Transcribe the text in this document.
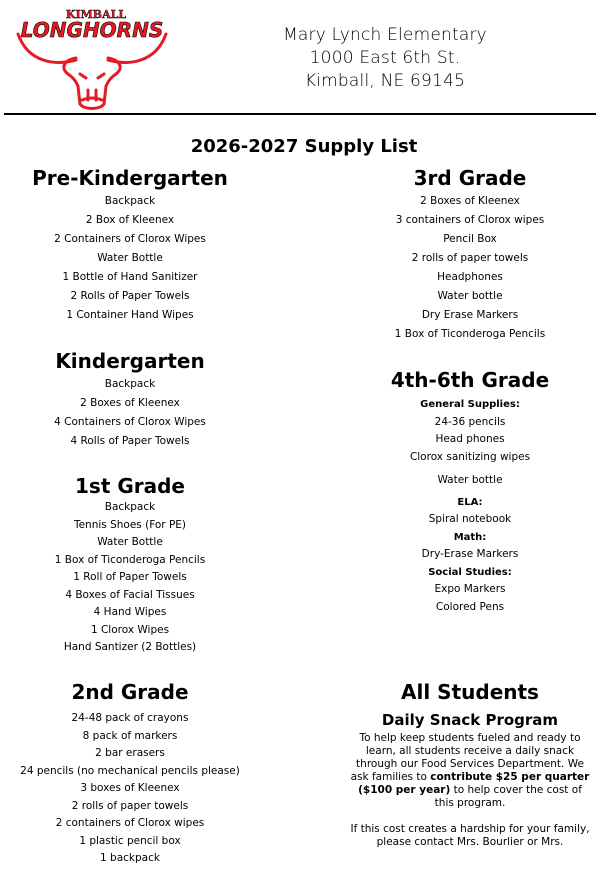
KIMBALL
LONGHORNS	Mary Lynch Elementary
1000 East 6th St.
Kimball, NE 69145
2026-2027 Supply List
Pre-Kindergarten
Backpack
2 Box of Kleenex
2 Containers of Clorox Wipes
Water Bottle
1 Bottle of Hand Sanitizer
2 Rolls of Paper Towels
1 Container Hand Wipes
Kindergarten
Backpack
2 Boxes of Kleenex
4 Containers of Clorox Wipes
4 Rolls of Paper Towels
1st Grade
Backpack
Tennis Shoes (For PE)
Water Bottle
1 Box of Ticonderoga Pencils
1 Roll of Paper Towels
4 Boxes of Facial Tissues
4 Hand Wipes
1 Clorox Wipes
Hand Santizer (2 Bottles)
2nd Grade
24-48 pack of crayons
8 pack of markers
2 bar erasers
24 pencils (no mechanical pencils please)
3 boxes of Kleenex
2 rolls of paper towels
2 containers of Clorox wipes
1 plastic pencil box
1 backpack
3rd Grade
2 Boxes of Kleenex
3 containers of Clorox wipes
Pencil Box
2 rolls of paper towels
Headphones
Water bottle
Dry Erase Markers
1 Box of Ticonderoga Pencils
4th-6th Grade
General Supplies:
24-36 pencils
Head phones
Clorox sanitizing wipes
Water bottle
ELA:
Spiral notebook
Math:
Dry-Erase Markers
Social Studies:
Expo Markers
Colored Pens
All Students
Daily Snack Program

To help keep students fueled and ready to learn, all students receive a daily snack through our Food Services Department. We ask families to contribute $25 per quarter ($100 per year) to help cover the cost of this program.

If this cost creates a hardship for your family, please contact Mrs. Bourlier or Mrs.
